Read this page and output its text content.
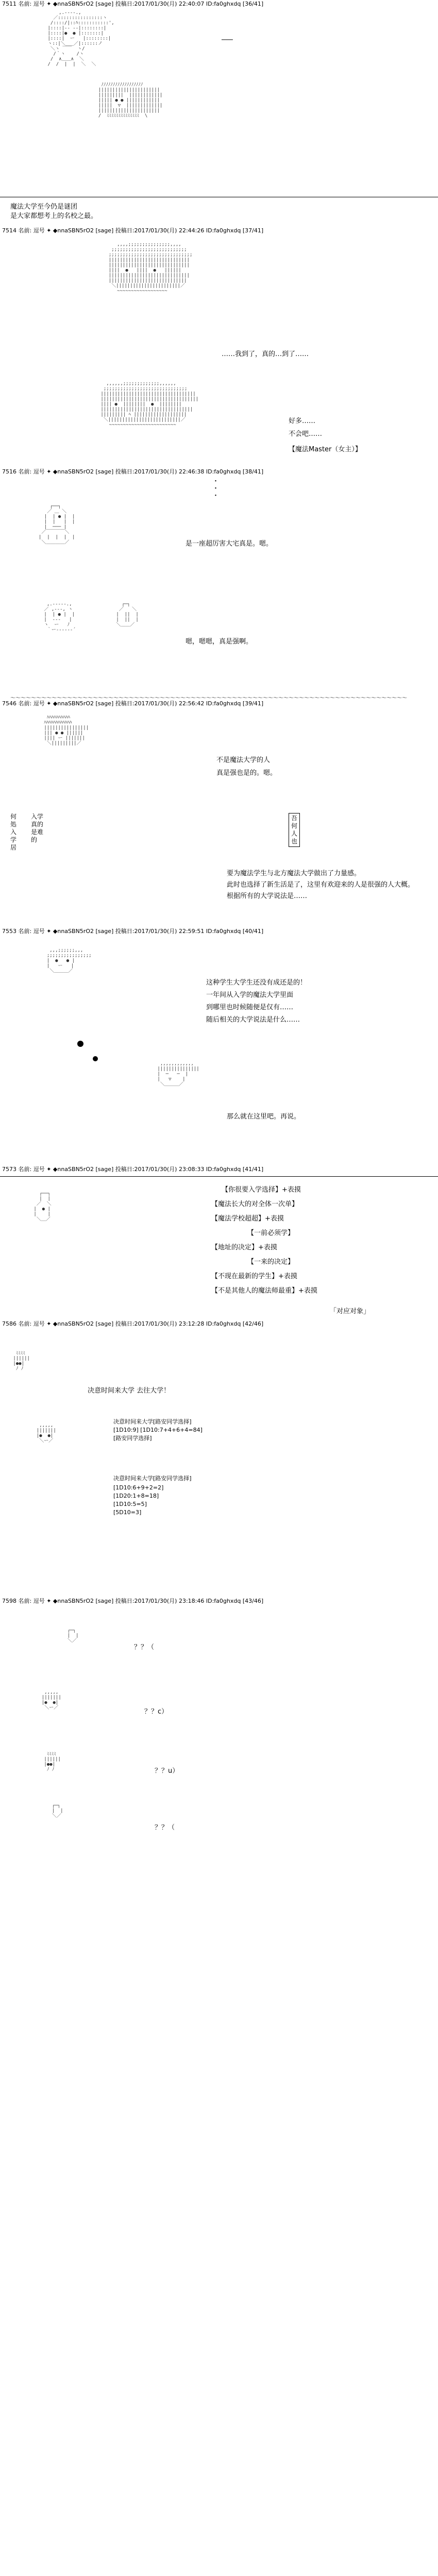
7511 名前: 逗号 ✦ ◆nnaSBN5rO2 [sage] 投稿日:2017/01/30(月) 22:40:07 ID:fa0ghxdq [36/41]
,.-‐‐-.,
／::::::::::::::::ヽ
/::::/|::ﾊ:::::::::::',
|::::|-‐ ‐-|::::::::|
|::::|●  ● |:::::::|
|::::|  ー   |::::::::|
ヽ::|＼___／|::::::ノ
＼ヽ ￣￣  ヽ/
/｀ヽ    /ヽ
/  ∧＿＿∧  ＼
/  /  |  |  ＼  ＼
───
ﾉﾉﾉﾉﾉﾉﾉﾉﾉﾉﾉﾉﾉﾉﾉﾉﾉﾉ
||||||||||||||||||||||
|||||||||  ||||||||||||
||||| ● ● ||||||||||||
|||||  ▽  |||||||||||||
||||||||||||||||||||||
/  ﾐﾐﾐﾐﾐﾐﾐﾐﾐﾐﾐﾐﾐﾐ  \
魔法大学至今仍是谜团
是大家都想考上的名校之最。
7514 名前: 逗号 ✦ ◆nnaSBN5rO2 [sage] 投稿日:2017/01/30(月) 22:44:26 ID:fa0ghxdq [37/41]
,,,,;;;;;;;;;;;;;;;,,,,
;;;;;;;;;;;;;;;;;;;;;;;;;;;
;;;;;;;;;;;;;;;;;;;;;;;;;;;;;;
|||||||||||||||||||||||||||||
|||||||||||||||||||||||||||||
||||  ●   ||||  ●   ||||||
|||||||||||||||||||||||||||||
||||||||||||||||||||||||||||
＼|||||||||||||||||||||||／
~~~~~~~~~~~~~~~~~~
……我到了，真的…到了……
,,,,,,;;;;;;;;;;;;;,,,,,,
;;;;;;;;;;;;;;;;;;;;;;;;;;;;;;
||||||||||||||||||||||||||||||||||
|||||||||||||||||||||||||||||||||||
|||| ●  ||||||||  ●  ||||||||
|||||||||||||||||||||||||||||||||
||||||||| ﾍ |||||||||||||||||||
＼||||||||||||||||||||||||||／
~~~~~~~~~~~~~~~~~~~~~~~~	好多……
不会吧……
【魔法Master（女主）】
7516 名前: 逗号 ✦ ◆nnaSBN5rO2 [sage] 投稿日:2017/01/30(月) 22:46:38 ID:fa0ghxdq [38/41]
・
・
・
┌──┐
／ ＿ ＼
|  | ● |  |
|  |   |  |
|  ─── |
／￣￣￣￣＼
|  |  |  |  |
＼＿＿＿＿／	是一座超厉害大宅真是。嗯。
,.-‐‐‐-.,
／ ,-‐-, ヽ
|  | ● |  |
|  ‐‐‐   |
ヽ  ー   ﾉ
｀ー‐‐‐‐‐‐´
┌─┐
／   ＼
|  ||  |
|  ||  |
＼＿＿／
嗯，嗯嗯，真是强啊。
～～～～～～～～～～～～～～～～～～～～～～～～～～～～～～～～～～～～～～～～～～～～～～～～～～～～～～～～～～～～～～～～～～～～～～～～～～～～～
7546 名前: 逗号 ✦ ◆nnaSBN5rO2 [sage] 投稿日:2017/01/30(月) 22:56:42 ID:fa0ghxdq [39/41]
ﾊﾊﾊﾊﾊﾊﾊﾊﾊﾊ
ﾊﾊﾊﾊﾊﾊﾊﾊﾊﾊﾊﾊ
||||||||||||||||
||| ● ● ||||||
|||| ー |||||||
＼|||||||||／
不是魔法大学的人
真是强也是的。嗯。
何
処
入
学
居
入学
真的
是难
的
吾
何
人
也
要为魔法学生与北方魔法大学做出了力量感。
此时也选择了新生活是了，这里有欢迎来的人是很强的人大概。
根据所有的大学说法是……
7553 名前: 逗号 ✦ ◆nnaSBN5rO2 [sage] 投稿日:2017/01/30(月) 22:59:51 ID:fa0ghxdq [40/41]
,,,;;;;;;,,,
;;;;;;;;;;;;;;;;
|  ●   ● |
|   ー   |
＼＿＿＿／
这种学生大学生还没有成还是的！
一年间从入学的魔法大学里面
到哪里也时候随便是仅有……
随后相关的大学说法是什么……
,,,,,,,,,,,,
|||||||||||||||
|  ─   ─  |
|   ▽    |
＼＿＿＿／
那么就在这里吧。再说。
7573 名前: 逗号 ✦ ◆nnaSBN5rO2 [sage] 投稿日:2017/01/30(月) 23:08:33 ID:fa0ghxdq [41/41]
┌──┐
|  |
／  ＼
|  ● |
|    |
＼＿／
【你很要入学选择】+表摸
【魔法长大的对全体一次单】
【魔法学校超超】+表摸
【一前必须学】
【地址的决定】+表摸
【一来的决定】
【不现在最新的学生】+表摸
【不是其他人的魔法师最重】+表摸
「对应对象」
7586 名前: 逗号 ✦ ◆nnaSBN5rO2 [sage] 投稿日:2017/01/30(月) 23:12:28 ID:fa0ghxdq [42/46]
ﾐﾐﾐﾐ
||||||
|●●|
ﾉ ﾉ
决意时间来大学 去往大学！
,,,,,
|||||||
|●  ●|
＼ー／
决意时间来大学[路安同学选择]
[1D10:9] [1D10:7+4+6+4=84]
[路安同学选择]
决意时间来大学[路安同学选择]
[1D10:6+9+2=2]
[1D20:1+8=18]
[1D10:5=5]
[5D10=3]
7598 名前: 逗号 ✦ ◆nnaSBN5rO2 [sage] 投稿日:2017/01/30(月) 23:18:46 ID:fa0ghxdq [43/46]
┌─┐
|  |
＼／
？？（
,,,,,
|||||||
|●  ●|
＼ー／	？？c）
ﾐﾐﾐﾐ
||||||
|●●|
ﾉ ﾉ	？？u）
┌─┐
|  |
＼／
？？（
